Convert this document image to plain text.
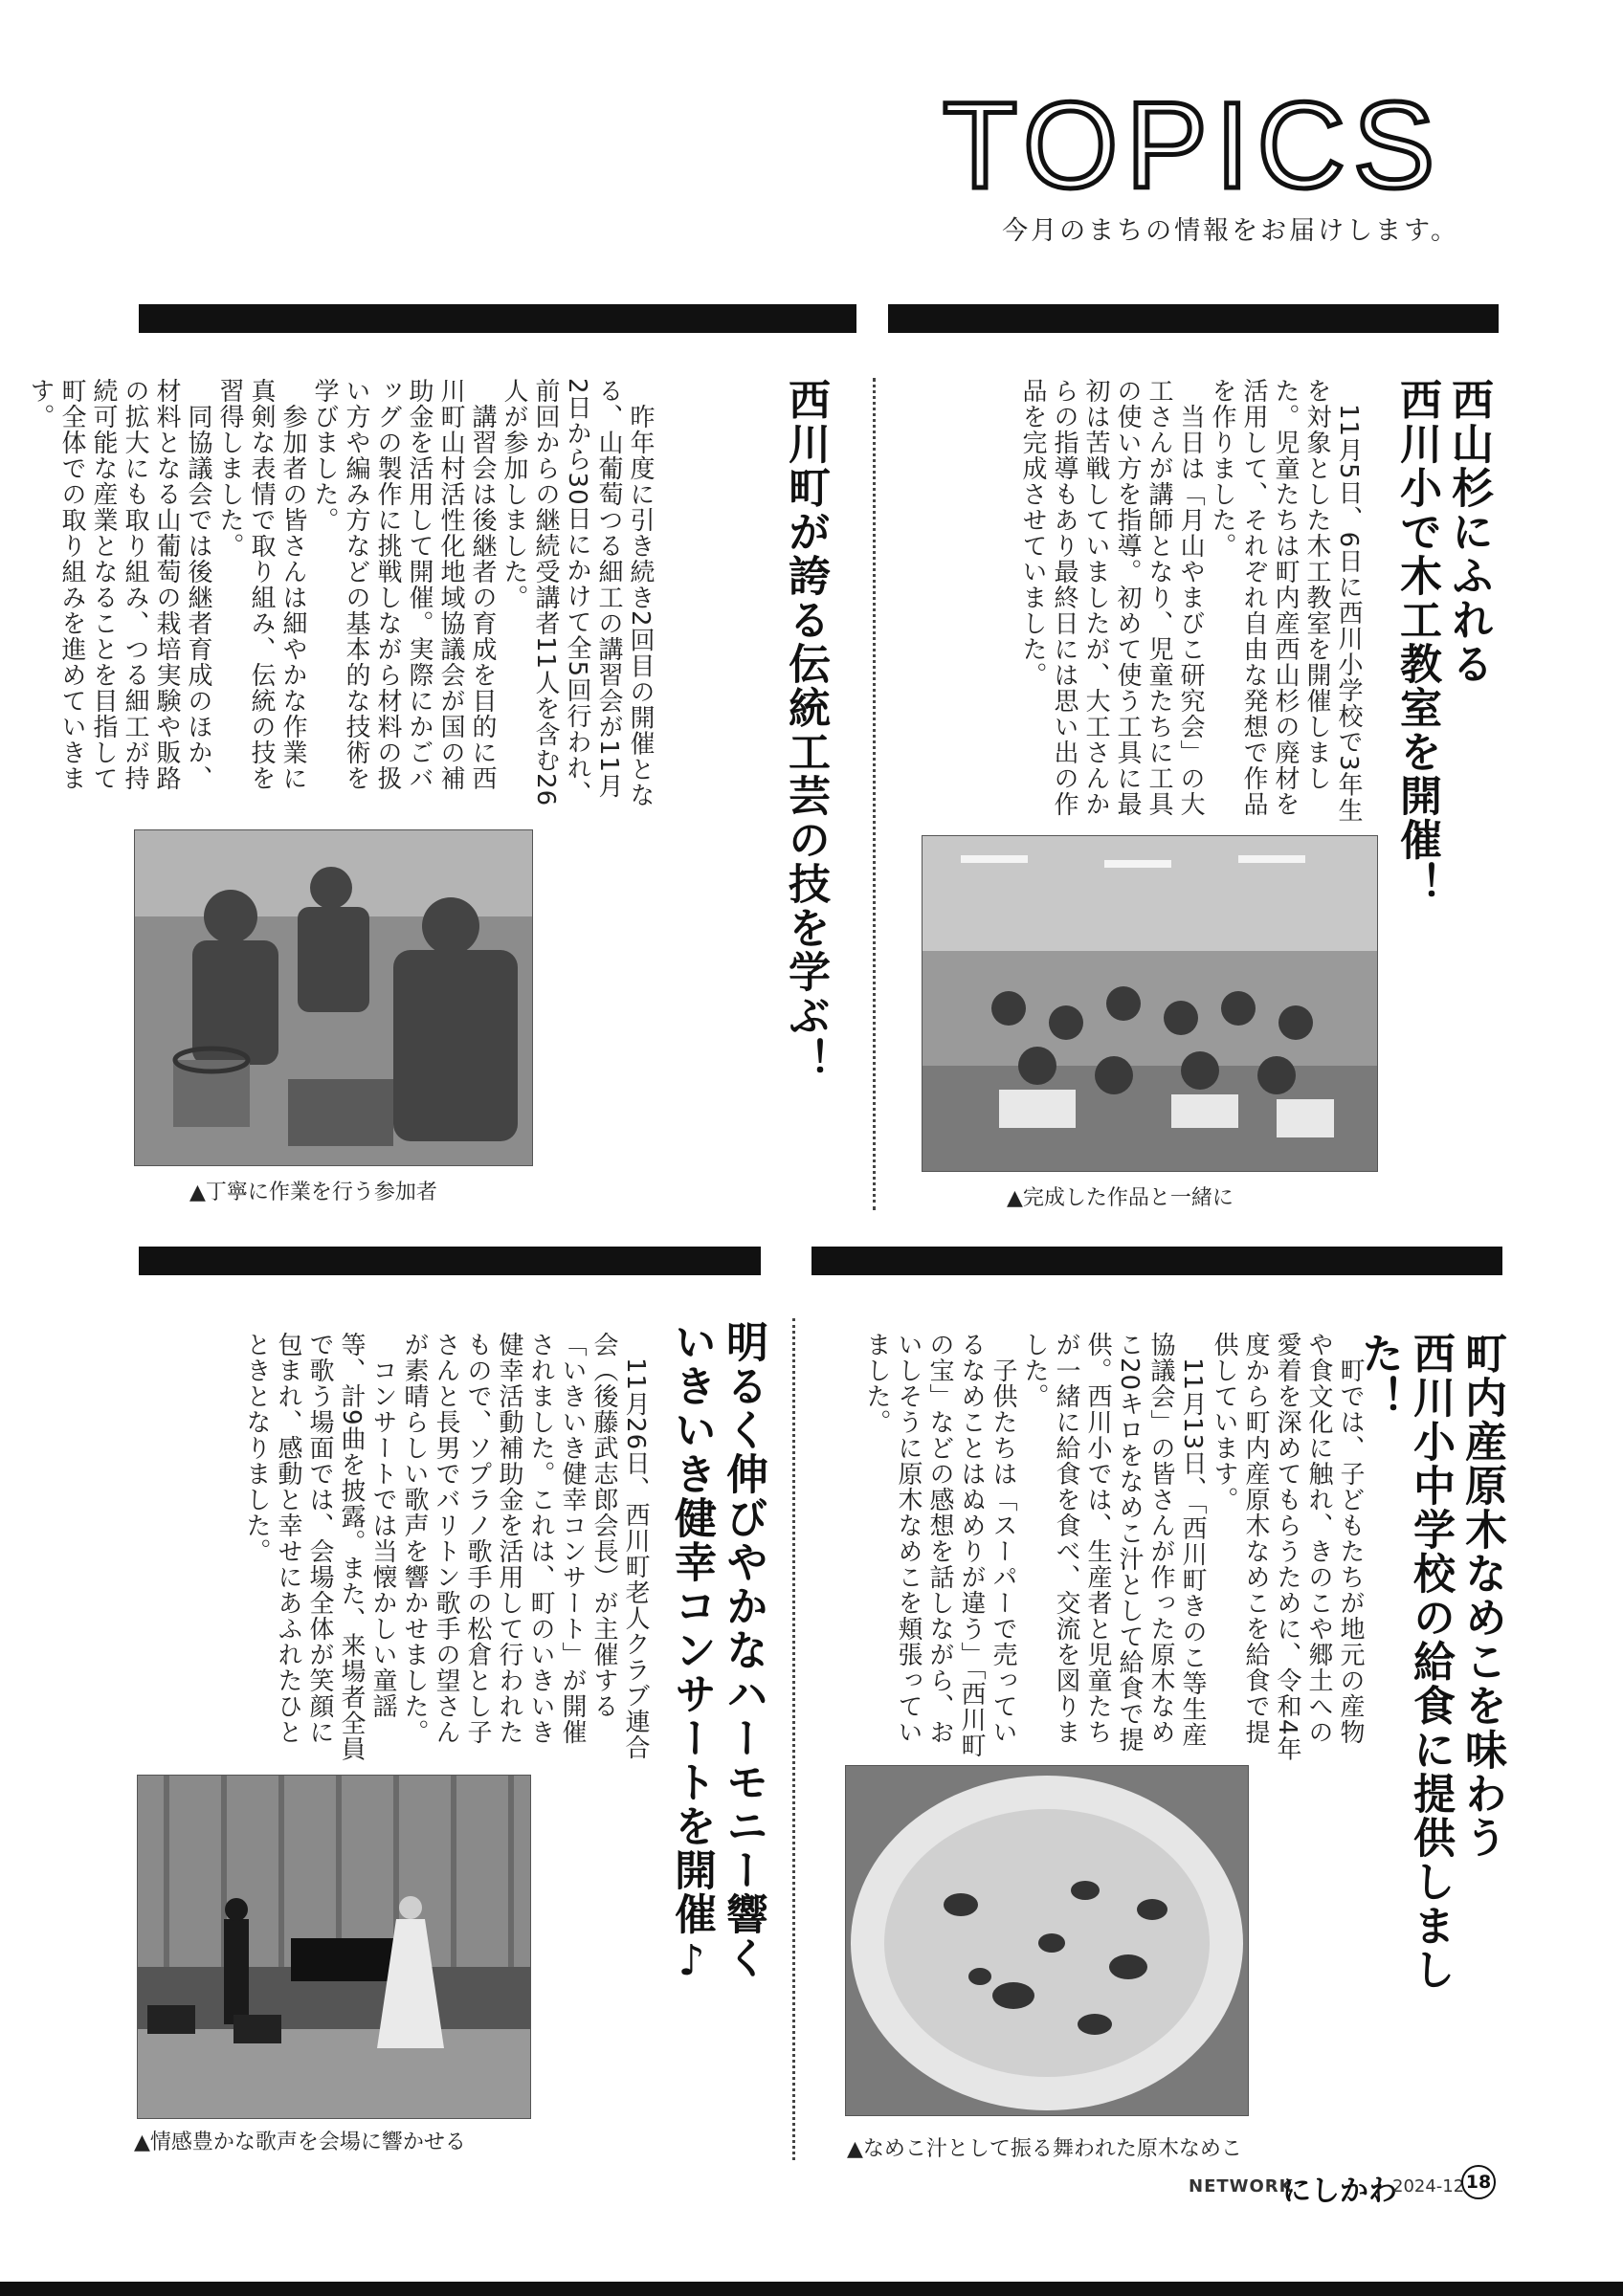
TOPICS
今月のまちの情報をお届けします。
西山杉にふれる
西川小で木工教室を開催！
　11月5日、6日に西川小学校で3年生を対象とした木工教室を開催しました。児童たちは町内産西山杉の廃材を活用して、それぞれ自由な発想で作品を作りました。
　当日は「月山やまびこ研究会」の大工さんが講師となり、児童たちに工具の使い方を指導。初めて使う工具に最初は苦戦していましたが、大工さんからの指導もあり最終日には思い出の作品を完成させていました。
▲完成した作品と一緒に
西川町が誇る伝統工芸の技を学ぶ！
　昨年度に引き続き2回目の開催となる、山葡萄つる細工の講習会が11月2日から30日にかけて全5回行われ、前回からの継続受講者11人を含む26人が参加しました。
　講習会は後継者の育成を目的に西川町山村活性化地域協議会が国の補助金を活用して開催。実際にかごバッグの製作に挑戦しながら材料の扱い方や編み方などの基本的な技術を学びました。
　参加者の皆さんは細やかな作業に真剣な表情で取り組み、伝統の技を習得しました。
　同協議会では後継者育成のほか、材料となる山葡萄の栽培実験や販路の拡大にも取り組み、つる細工が持続可能な産業となることを目指して町全体での取り組みを進めていきます。
▲丁寧に作業を行う参加者
町内産原木なめこを味わう
西川小中学校の給食に提供しました！
　町では、子どもたちが地元の産物や食文化に触れ、きのこや郷土への愛着を深めてもらうために、令和4年度から町内産原木なめこを給食で提供しています。
　11月13日、「西川町きのこ等生産協議会」の皆さんが作った原木なめこ20キロをなめこ汁として給食で提供。西川小では、生産者と児童たちが一緒に給食を食べ、交流を図りました。
　子供たちは「スーパーで売っているなめことはぬめりが違う」「西川町の宝」などの感想を話しながら、おいしそうに原木なめこを頬張っていました。
▲なめこ汁として振る舞われた原木なめこ
明るく伸びやかなハーモニー響く
いきいき健幸コンサートを開催♪
　11月26日、西川町老人クラブ連合会（後藤武志郎会長）が主催する「いきいき健幸コンサート」が開催されました。これは、町のいきいき健幸活動補助金を活用して行われたもので、ソプラノ歌手の松倉とし子さんと長男でバリトン歌手の望さんが素晴らしい歌声を響かせました。
　コンサートでは当懐かしい童謡等、計9曲を披露。また、来場者全員で歌う場面では、会場全体が笑顔に包まれ、感動と幸せにあふれたひとときとなりました。
▲情感豊かな歌声を会場に響かせる
NETWORK
にしかわ
2024-12 18
